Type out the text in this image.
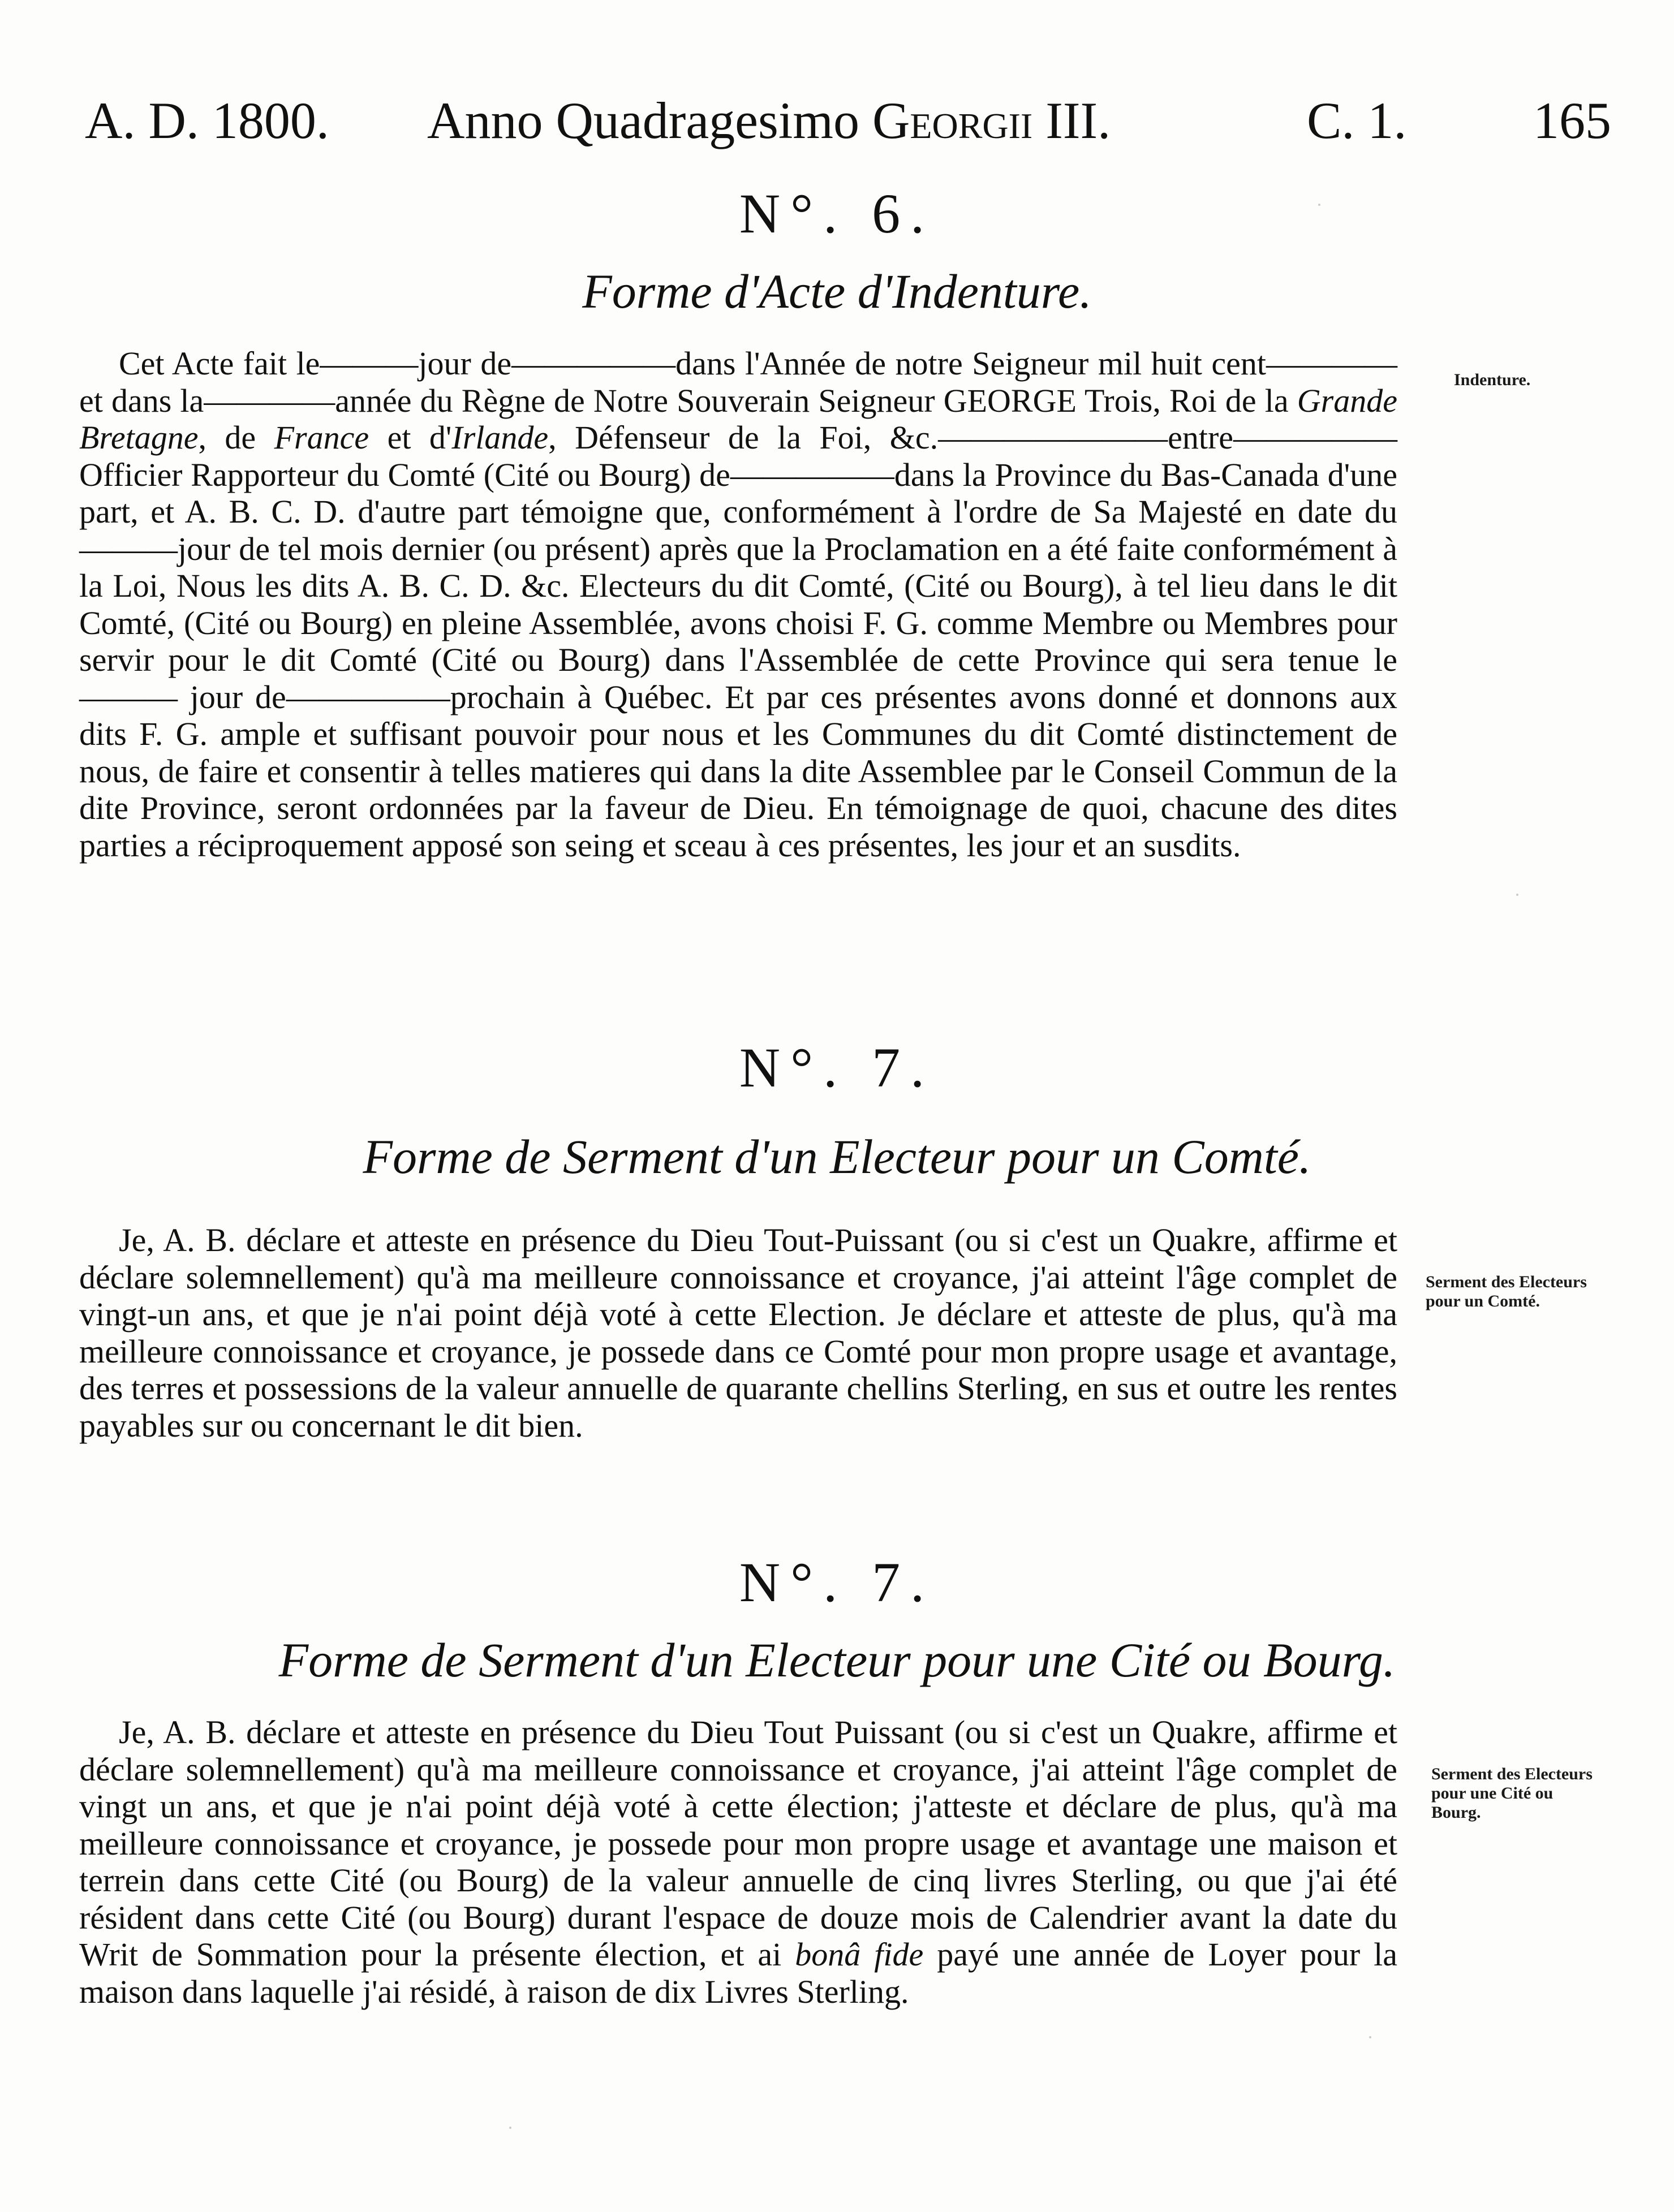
A. D. 1800. Anno Quadragesimo Georgii III.	C. 1. 165
N°. 6.
Forme d'Acte d'Indenture.

Cet Acte fait le———jour de—————dans l'Année de notre Seigneur mil huit cent————et dans la————année du Règne de Notre Souverain Seigneur GEORGE Trois, Roi de la Grande Bretagne, de France et d'Irlande, Défenseur de la Foi, &c.———————entre—————Officier Rapporteur du Comté (Cité ou Bourg) de—————dans la Province du Bas-Canada d'une part, et A. B. C. D. d'autre part témoigne que, conformément à l'ordre de Sa Majesté en date du———jour de tel mois dernier (ou présent) après que la Proclamation en a été faite conformément à la Loi, Nous les dits A. B. C. D. &c. Electeurs du dit Comté, (Cité ou Bourg), à tel lieu dans le dit Comté, (Cité ou Bourg) en pleine Assemblée, avons choisi F. G. comme Membre ou Membres pour servir pour le dit Comté (Cité ou Bourg) dans l'Assemblée de cette Province qui sera tenue le——— jour de—————prochain à Québec. Et par ces présentes avons donné et donnons aux dits F. G. ample et suffisant pouvoir pour nous et les Communes du dit Comté distinctement de nous, de faire et consentir à telles matieres qui dans la dite Assemblee par le Conseil Commun de la dite Province, seront ordonnées par la faveur de Dieu. En témoignage de quoi, chacune des dites parties a réciproquement apposé son seing et sceau à ces présentes, les jour et an susdits.

Indenture.
N°. 7.
Forme de Serment d'un Electeur pour un Comté.

Je, A. B. déclare et atteste en présence du Dieu Tout-Puissant (ou si c'est un Quakre, affirme et déclare solemnellement) qu'à ma meilleure connoissance et croyance, j'ai atteint l'âge complet de vingt-un ans, et que je n'ai point déjà voté à cette Election. Je déclare et atteste de plus, qu'à ma meilleure connoissance et croyance, je possede dans ce Comté pour mon propre usage et avantage, des terres et possessions de la valeur annuelle de quarante chellins Sterling, en sus et outre les rentes payables sur ou concernant le dit bien.

Serment des Electeurs pour un Comté.
N°. 7.
Forme de Serment d'un Electeur pour une Cité ou Bourg.

Je, A. B. déclare et atteste en présence du Dieu Tout Puissant (ou si c'est un Quakre, affirme et déclare solemnellement) qu'à ma meilleure connoissance et croyance, j'ai atteint l'âge complet de vingt un ans, et que je n'ai point déjà voté à cette élection; j'atteste et déclare de plus, qu'à ma meilleure connoissance et croyance, je possede pour mon propre usage et avantage une maison et terrein dans cette Cité (ou Bourg) de la valeur annuelle de cinq livres Sterling, ou que j'ai été résident dans cette Cité (ou Bourg) durant l'espace de douze mois de Calendrier avant la date du Writ de Sommation pour la présente élection, et ai bonâ fide payé une année de Loyer pour la maison dans laquelle j'ai résidé, à raison de dix Livres Sterling.

Serment des Electeurs pour une Cité ou Bourg.
